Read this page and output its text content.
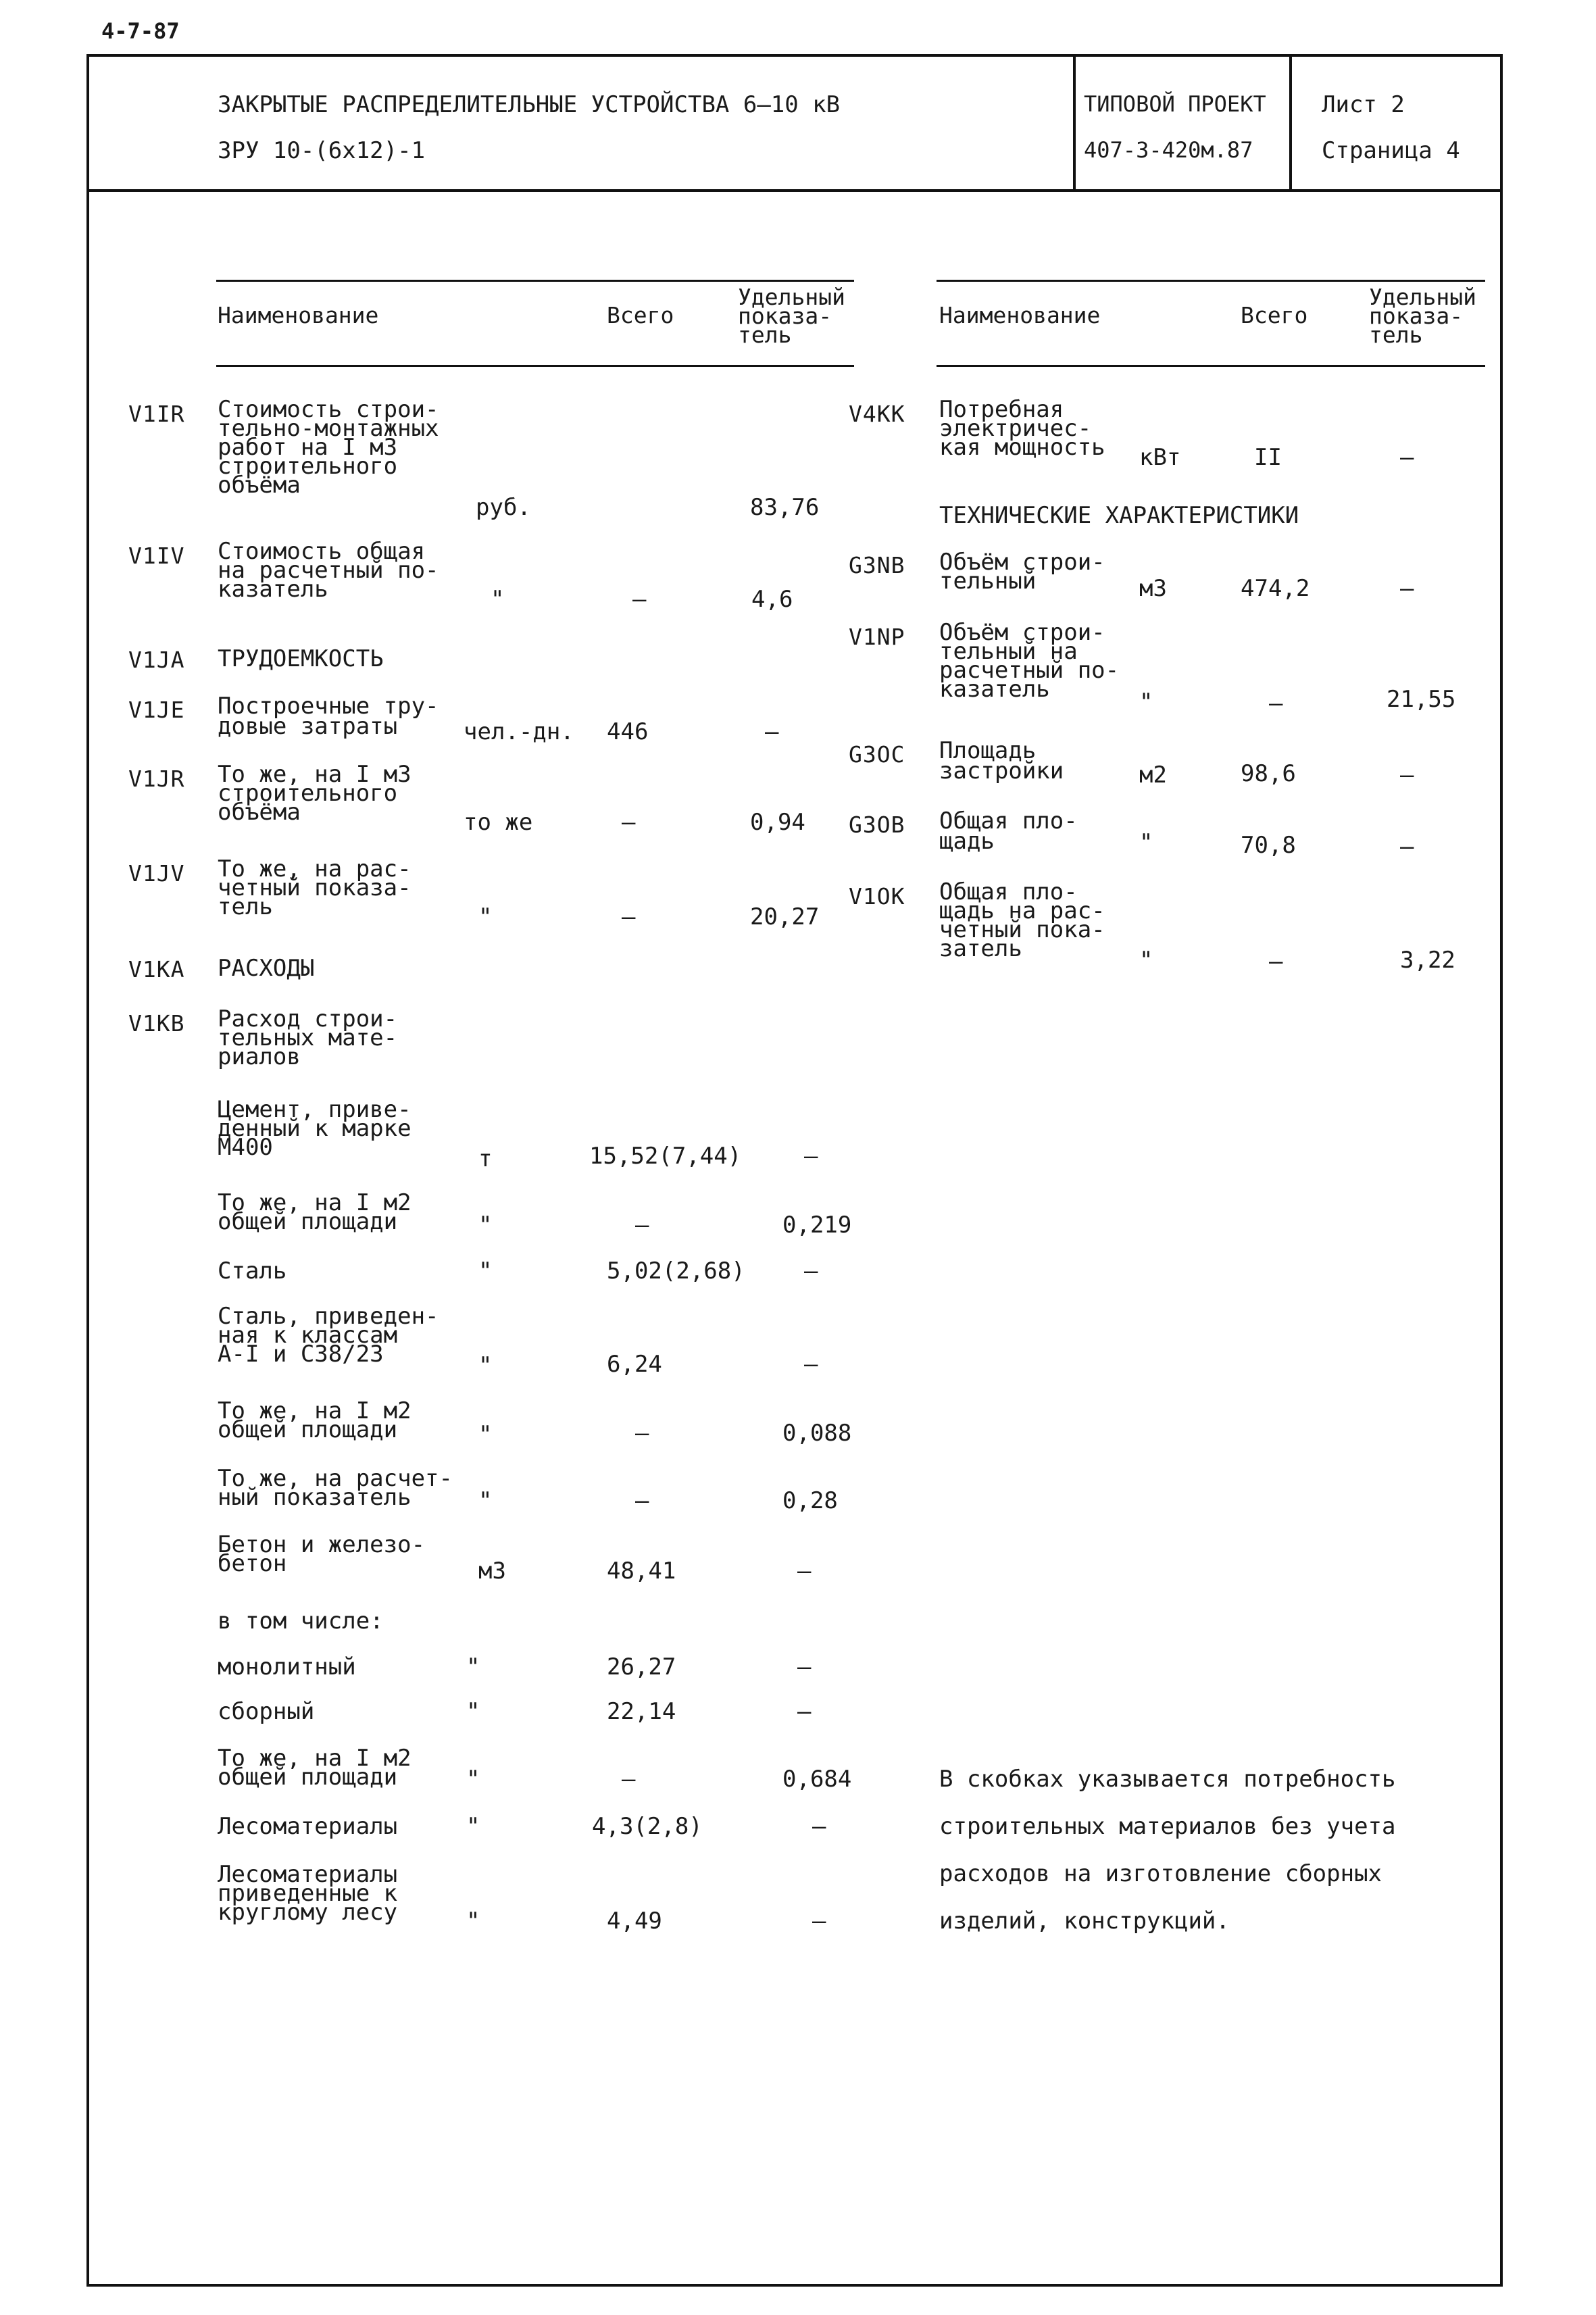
4-7-87
ЗАКРЫТЫЕ РАСПРЕДЕЛИТЕЛЬНЫЕ УСТРОЙСТВА 6–10 кВ
ЗРУ 10-(6х12)-1
ТИПОВОЙ ПРОЕКТ
407-3-420м.87
Лист 2
Страница 4
Наименование	Всего
Удельный
показа-
тель
Наименование	Всего
Удельный
показа-
тель
V1IR Стоимость строи-
тельно-монтажных
работ на I м3
строительного
объёма
руб.	83,76
V1IV Стоимость общая
на расчетный по-
казатель	"	–	4,6
V1JA ТРУДОЕМКОСТЬ
V1JE Построечные тру-
довые затраты	чел.-дн. 446	–
V1JR То же, на I м3
строительного
объёма	то же	–	0,94
V1JV То же, на рас-
четный показа-
тель	"	–	20,27
V1KA РАСХОДЫ
V1KB Расход строи-
тельных мате-
риалов
Цемент, приве-
денный к марке
М400	т	15,52(7,44)	–
То же, на I м2
общей площади	"	–	0,219
Сталь	"	5,02(2,68)	–
Сталь, приведен-
ная к классам
А-I и С38/23	"	6,24	–
То же, на I м2
общей площади	"	–	0,088
То же, на расчет-
ный показатель	"	–	0,28
Бетон и железо-
бетон	м3	48,41	–
в том числе:
монолитный	"	26,27	–
сборный	"	22,14	–
То же, на I м2
общей площади	"	–	0,684
Лесоматериалы	"	4,3(2,8)	–
Лесоматериалы
приведенные к
круглому лесу	"	4,49	–
V4KK Потребная
электричес-
кая мощность кВт	II	–
ТЕХНИЧЕСКИЕ ХАРАКТЕРИСТИКИ
G3NB Объём строи-
тельный	м3	474,2	–
V1NP Объём строи-
тельный на
расчетный по-
казатель	"	–	21,55
G3OC Площадь
застройки	м2	98,6	–
G3OB Общая пло-
щадь	"	70,8	–
V1OK Общая пло-
щадь на рас-
четный пока-
затель	"	–	3,22
В скобках указывается потребность
строительных материалов без учета
расходов на изготовление сборных
изделий, конструкций.
